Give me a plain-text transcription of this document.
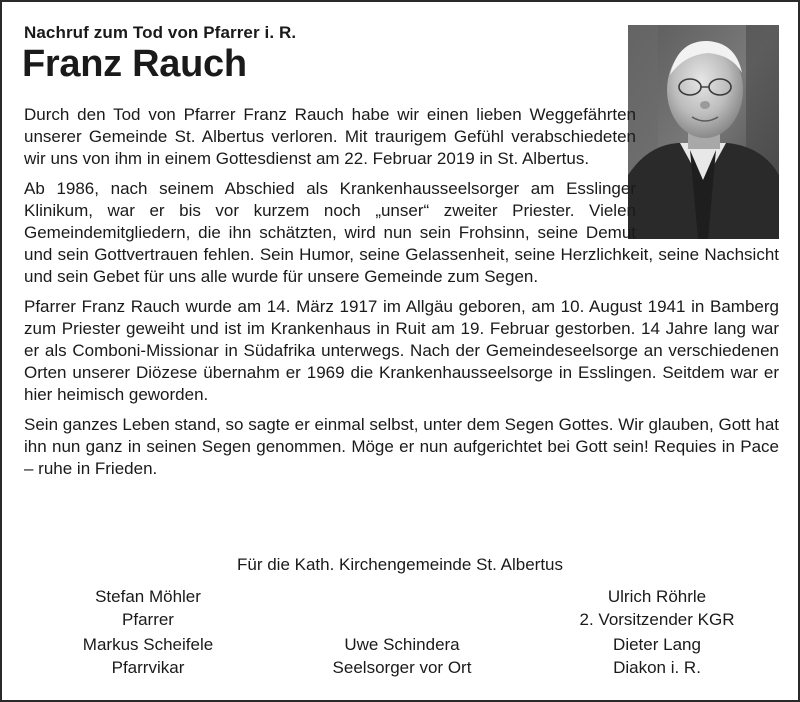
Nachruf zum Tod von Pfarrer i. R.
Franz Rauch

Durch den Tod von Pfarrer Franz Rauch habe wir einen lieben Weggefährten unserer Gemeinde St. Albertus verloren. Mit traurigem Gefühl verabschiedeten wir uns von ihm in einem Gottesdienst am 22. Februar 2019 in St. Albertus.

Ab 1986, nach seinem Abschied als Krankenhausseelsorger am Esslinger Klinikum, war er bis vor kurzem noch „unser“ zweiter Priester. Vielen Gemeindemitgliedern, die ihn schätzten, wird nun sein Frohsinn, seine Demut und sein Gottvertrauen fehlen. Sein Humor, seine Gelassenheit, seine Herzlichkeit, seine Nachsicht und sein Gebet für uns alle wurde für unsere Gemeinde zum Segen.

Pfarrer Franz Rauch wurde am 14. März 1917 im Allgäu geboren, am 10. August 1941 in Bamberg zum Priester geweiht und ist im Krankenhaus in Ruit am 19. Februar gestorben. 14 Jahre lang war er als Comboni-Missionar in Südafrika unterwegs. Nach der Gemeindeseelsorge an verschiedenen Orten unserer Diözese übernahm er 1969 die Krankenhausseelsorge in Esslingen. Seitdem war er hier heimisch geworden.

Sein ganzes Leben stand, so sagte er einmal selbst, unter dem Segen Gottes. Wir glauben, Gott hat ihn nun ganz in seinen Segen genommen. Möge er nun aufgerichtet bei Gott sein! Requies in Pace – ruhe in Frieden.

Für die Kath. Kirchengemeinde St. Albertus
Stefan Möhler
Pfarrer
Ulrich Röhrle
2. Vorsitzender KGR
Markus Scheifele
Pfarrvikar
Uwe Schindera
Seelsorger vor Ort
Dieter Lang
Diakon i. R.
